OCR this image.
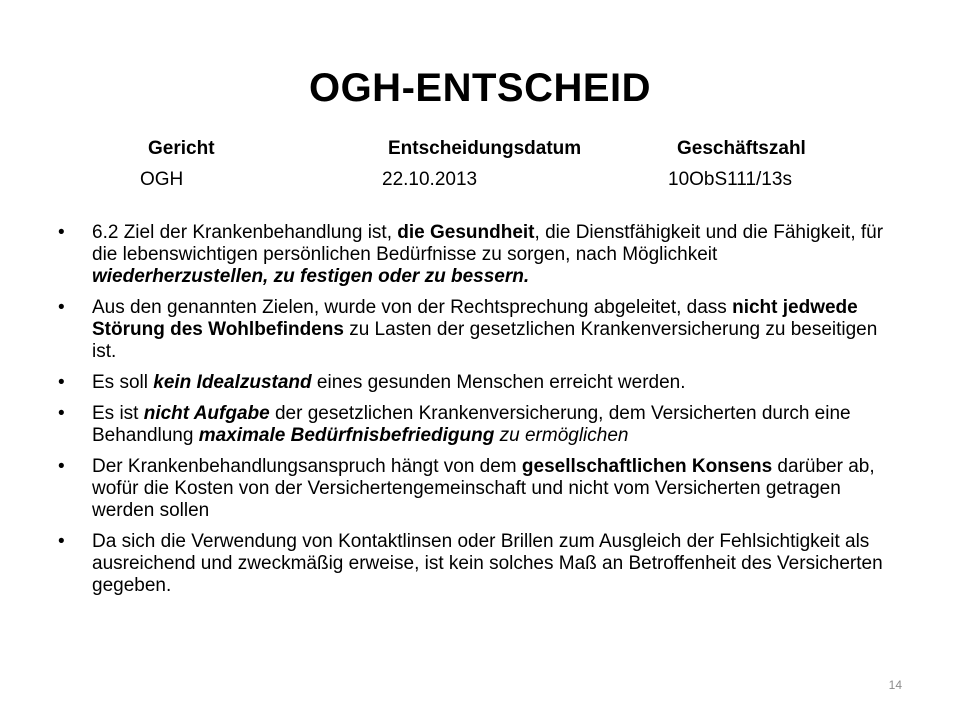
OGH-ENTSCHEID
Gericht	Entscheidungsdatum	Geschäftszahl
OGH	22.10.2013	10ObS111/13s
• 6.2 Ziel der Krankenbehandlung ist, die Gesundheit, die Dienstfähigkeit und die Fähigkeit, für die lebenswichtigen persönlichen Bedürfnisse zu sorgen, nach Möglichkeit wiederherzustellen, zu festigen oder zu bessern.
• Aus den genannten Zielen, wurde von der Rechtsprechung abgeleitet, dass nicht jedwede Störung des Wohlbefindens zu Lasten der gesetzlichen Krankenversicherung zu beseitigen ist.
• Es soll kein Idealzustand eines gesunden Menschen erreicht werden.
• Es ist nicht Aufgabe der gesetzlichen Krankenversicherung, dem Versicherten durch eine Behandlung maximale Bedürfnisbefriedigung zu ermöglichen
• Der Krankenbehandlungsanspruch hängt von dem gesellschaftlichen Konsens darüber ab, wofür die Kosten von der Versichertengemeinschaft und nicht vom Versicherten getragen werden sollen
• Da sich die Verwendung von Kontaktlinsen oder Brillen zum Ausgleich der Fehlsichtigkeit als ausreichend und zweckmäßig erweise, ist kein solches Maß an Betroffenheit des Versicherten gegeben.
14
